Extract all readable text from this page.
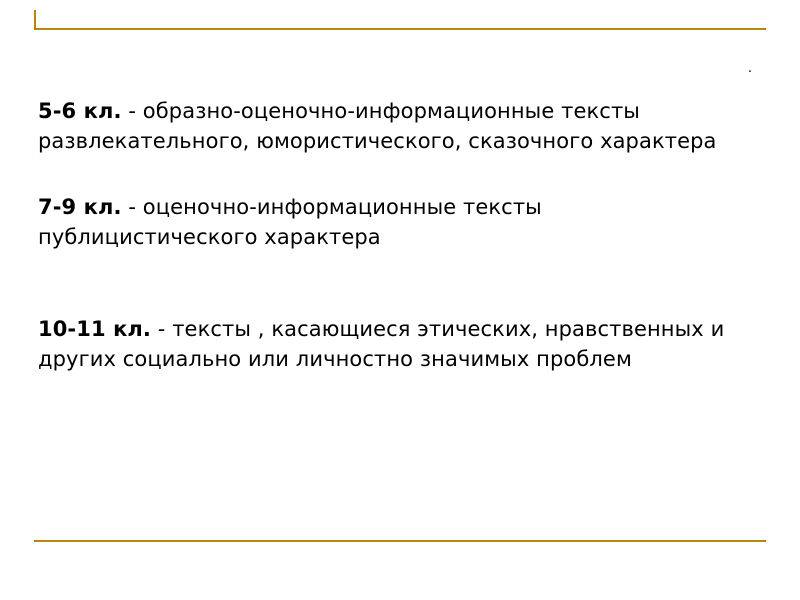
.

5-6 кл. - образно-оценочно-информационные тексты развлекательного, юмористического, сказочного характера

7-9 кл. - оценочно-информационные тексты публицистического характера

10-11 кл. - тексты , касающиеся этических, нравственных и других социально или личностно значимых проблем
